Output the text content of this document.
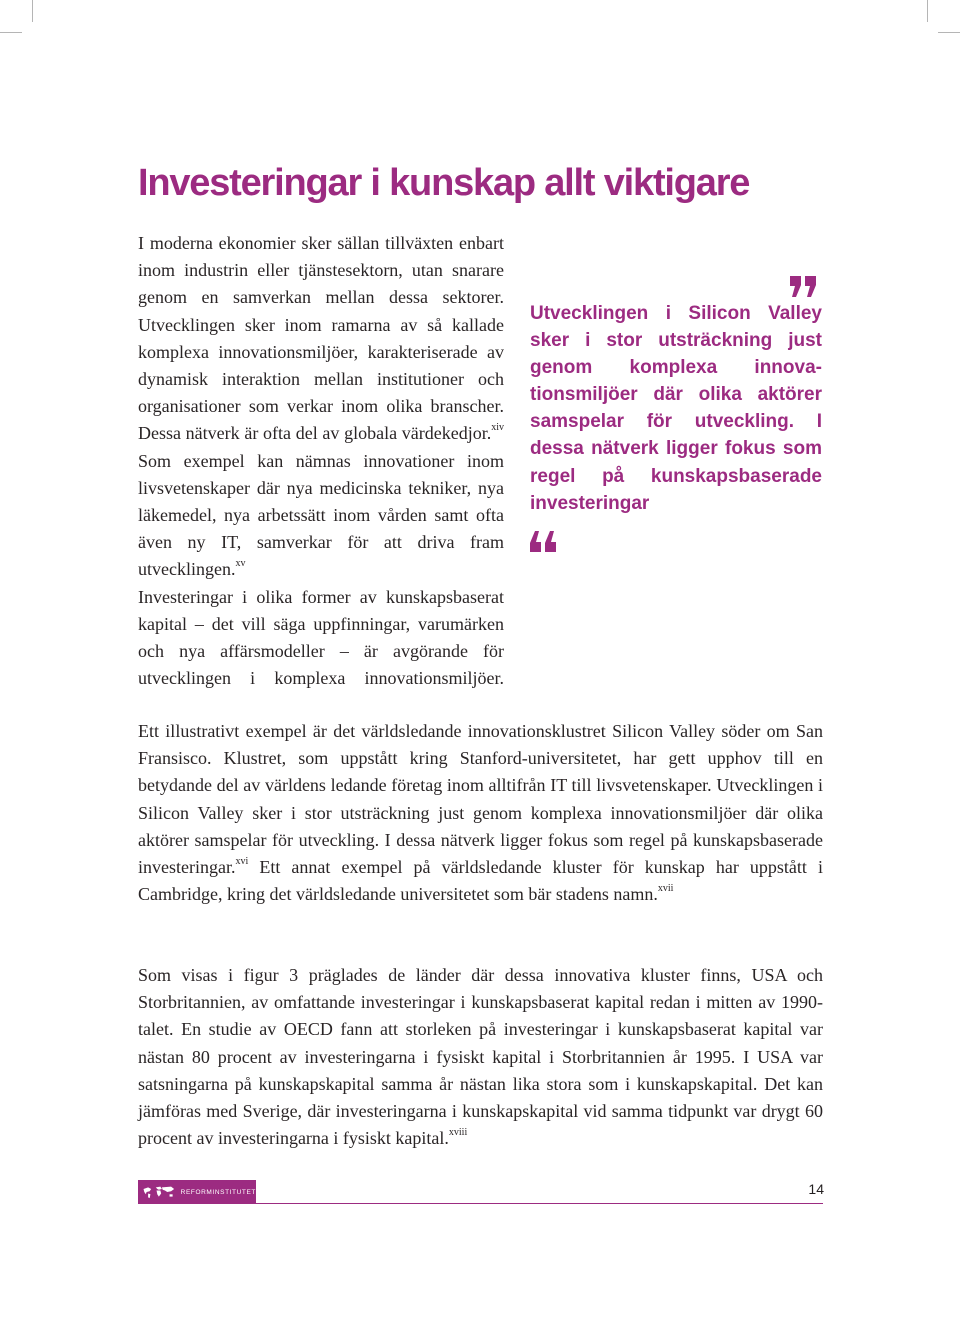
Investeringar i kunskap allt viktigare
I moderna ekonomier sker sällan tillväxten enbart inom industrin eller tjänstesektorn, utan snarare genom en samverkan mellan dessa sektorer. Utvecklingen sker inom ramarna av så kallade komplexa innovationsmiljöer, karakteriserade av dynamisk interaktion mellan institutioner och organisationer som verkar inom olika branscher. Dessa nätverk är ofta del av globala värdekedjor.$^{xiv}$ Som exempel kan nämnas innovationer inom livsvetenskaper där nya medicinska tekniker, nya läkemedel, nya arbetssätt inom vården samt ofta även ny IT, samverkar för att driva fram utvecklingen.$^{xv}$
Investeringar i olika former av kunskapsbaserat kapital – det vill säga uppfinningar, varumärken och nya affärsmodeller – är avgörande för utvecklingen i komplexa innovationsmiljöer.
Utvecklingen i Silicon Valley sker i stor utsträckning just genom komplexa innovationsmiljöer där olika aktörer samspelar för utveckling. I dessa nätverk ligger fokus som regel på kunskapsbaserade investeringar
Ett illustrativt exempel är det världsledande innovationsklustret Silicon Valley söder om San Fransisco. Klustret, som uppstått kring Stanford-universitetet, har gett upphov till en betydande del av världens ledande företag inom alltifrån IT till livsvetenskaper. Utvecklingen i Silicon Valley sker i stor utsträckning just genom komplexa innovationsmiljöer där olika aktörer samspelar för utveckling. I dessa nätverk ligger fokus som regel på kunskapsbaserade investeringar.$^{xvi}$ Ett annat exempel på världsledande kluster för kunskap har uppstått i Cambridge, kring det världsledande universitetet som bär stadens namn.$^{xvii}$
Som visas i figur 3 präglades de länder där dessa innovativa kluster finns, USA och Storbritannien, av omfattande investeringar i kunskapsbaserat kapital redan i mitten av 1990-talet. En studie av OECD fann att storleken på investeringar i kunskapsbaserat kapital var nästan 80 procent av investeringarna i fysiskt kapital i Storbritannien år 1995. I USA var satsningarna på kunskapskapital samma år nästan lika stora som i kunskapskapital. Det kan jämföras med Sverige, där investeringarna i kunskapskapital vid samma tidpunkt var drygt 60 procent av investeringarna i fysiskt kapital.$^{xviii}$
REFORMINSTITUTET	14
